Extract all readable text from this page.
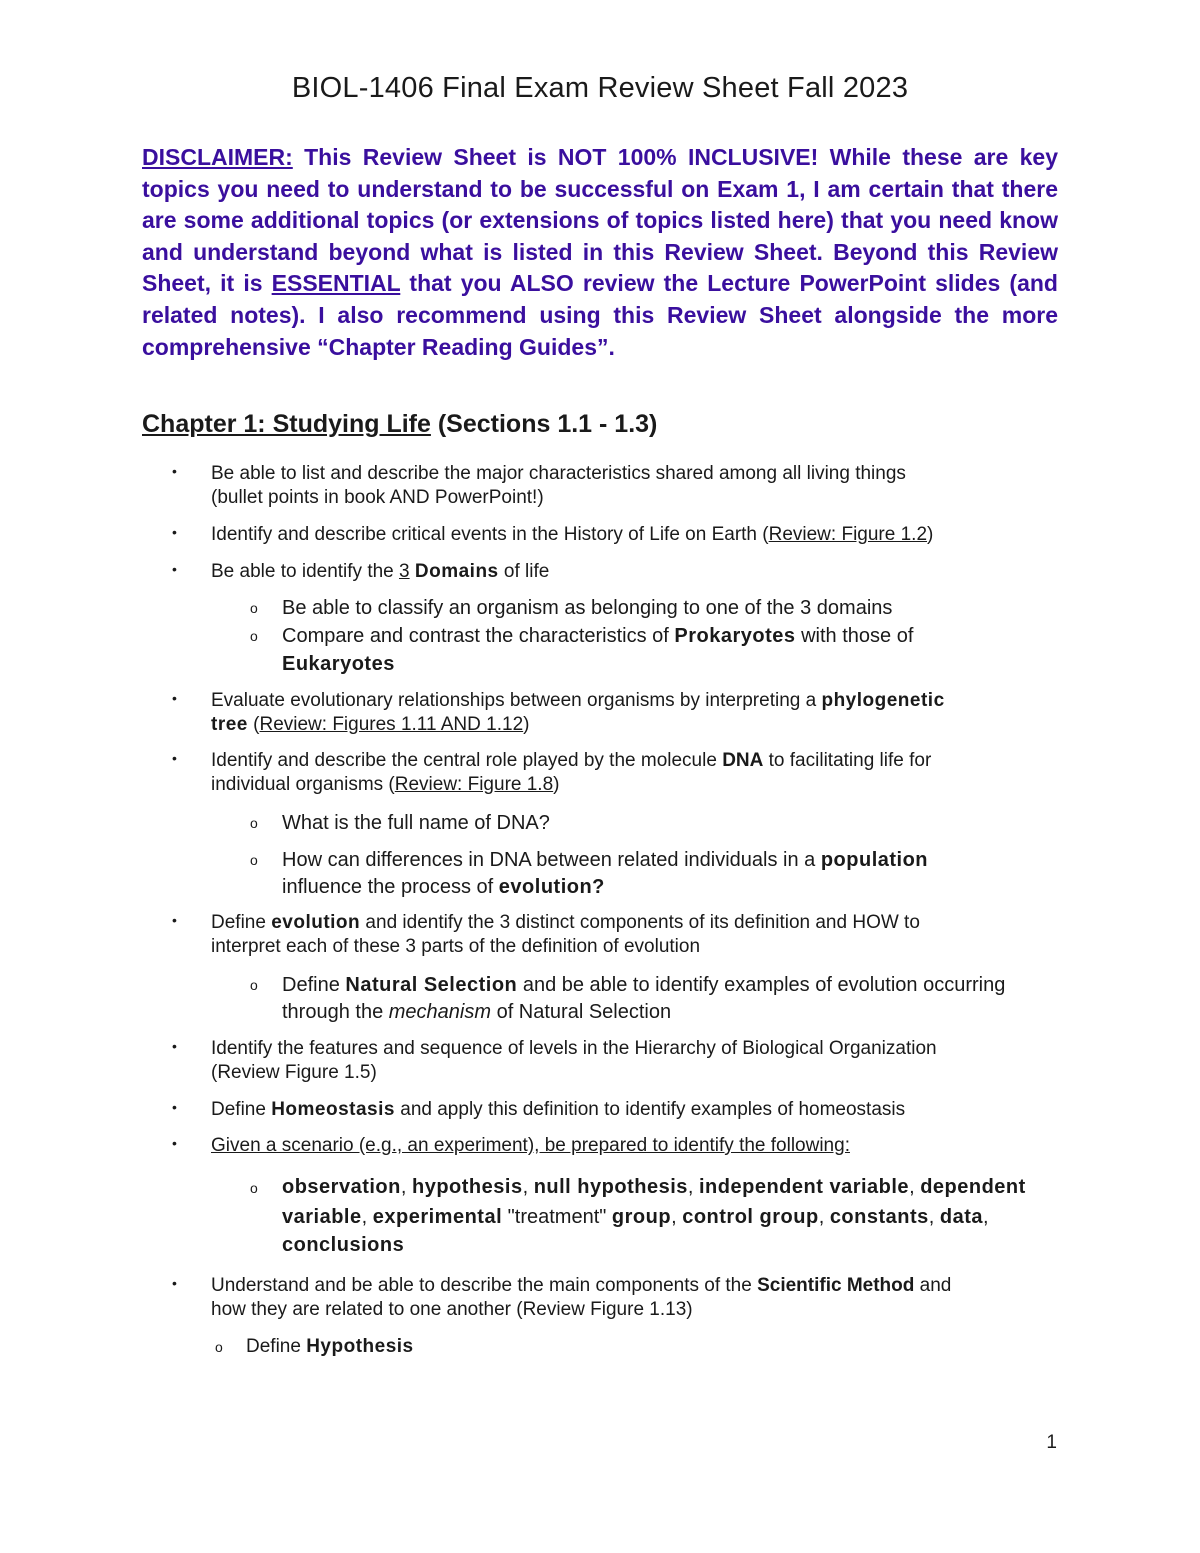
BIOL-1406 Final Exam Review Sheet Fall 2023
DISCLAIMER: This Review Sheet is NOT 100% INCLUSIVE! While these are key topics you need to understand to be successful on Exam 1, I am certain that there are some additional topics (or extensions of topics listed here) that you need know and understand beyond what is listed in this Review Sheet. Beyond this Review Sheet, it is ESSENTIAL that you ALSO review the Lecture PowerPoint slides (and related notes). I also recommend using this Review Sheet alongside the more comprehensive “Chapter Reading Guides”.
Chapter 1: Studying Life (Sections 1.1 - 1.3)
• Be able to list and describe the major characteristics shared among all living things
(bullet points in book AND PowerPoint!)
• Identify and describe critical events in the History of Life on Earth (Review: Figure 1.2)
• Be able to identify the 3 Domains of life
o Be able to classify an organism as belonging to one of the 3 domains
o Compare and contrast the characteristics of Prokaryotes with those of
Eukaryotes
• Evaluate evolutionary relationships between organisms by interpreting a phylogenetic
tree (Review: Figures 1.11 AND 1.12)
• Identify and describe the central role played by the molecule DNA to facilitating life for
individual organisms (Review: Figure 1.8)
o What is the full name of DNA?
o How can differences in DNA between related individuals in a population
influence the process of evolution?
• Define evolution and identify the 3 distinct components of its definition and HOW to
interpret each of these 3 parts of the definition of evolution
o Define Natural Selection and be able to identify examples of evolution occurring
through the mechanism of Natural Selection
• Identify the features and sequence of levels in the Hierarchy of Biological Organization
(Review Figure 1.5)
• Define Homeostasis and apply this definition to identify examples of homeostasis
• Given a scenario (e.g., an experiment), be prepared to identify the following:
o observation, hypothesis, null hypothesis, independent variable, dependent
variable, experimental "treatment" group, control group, constants, data,
conclusions
• Understand and be able to describe the main components of the Scientific Method and
how they are related to one another (Review Figure 1.13)
o Define Hypothesis
1
